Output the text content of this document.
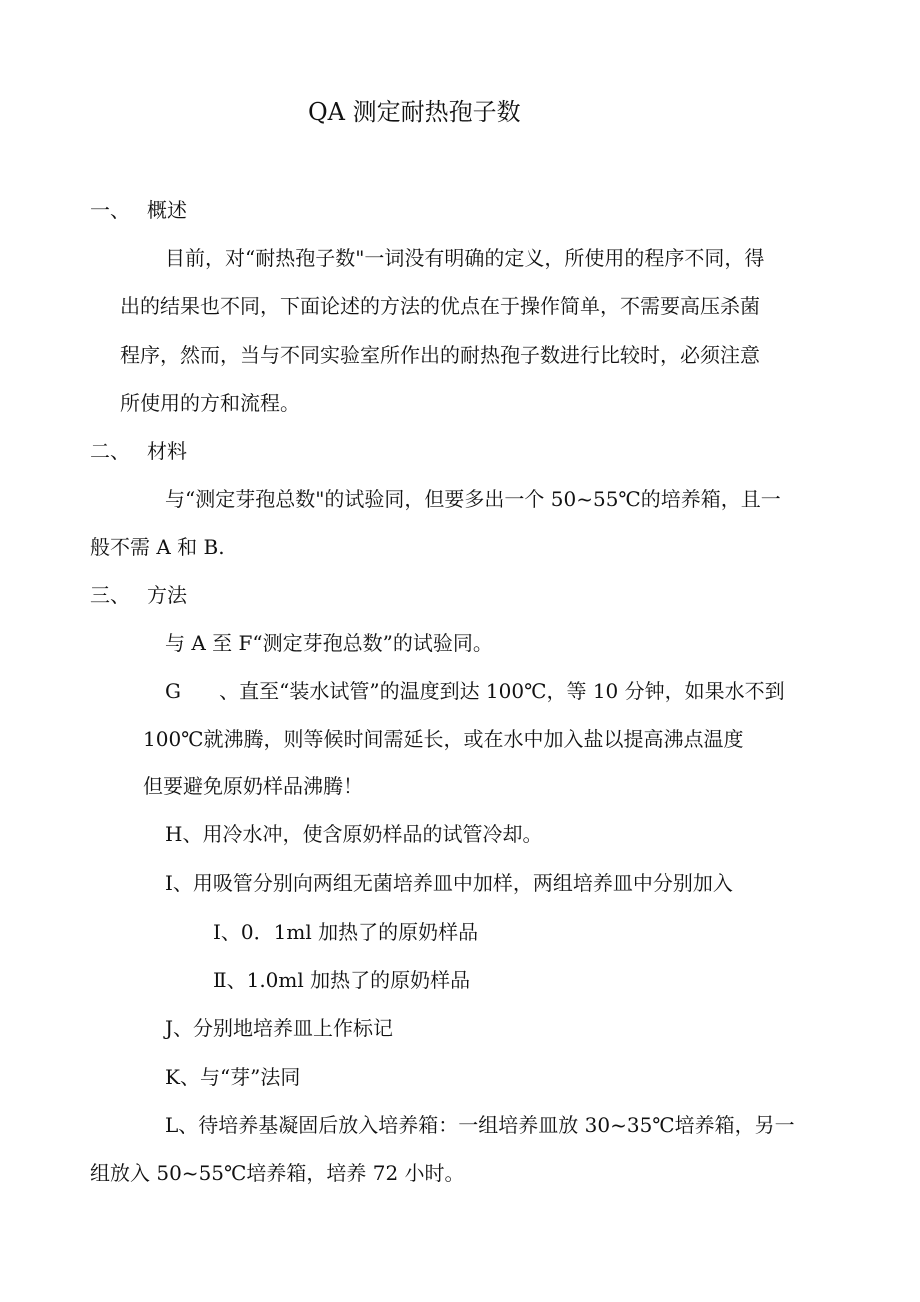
QA 测定耐热孢子数
一、 概述
目前，对“耐热孢子数"一词没有明确的定义，所使用的程序不同，得
出的结果也不同，下面论述的方法的优点在于操作简单，不需要高压杀菌
程序，然而，当与不同实验室所作出的耐热孢子数进行比较时，必须注意
所使用的方和流程。
二、 材料
与“测定芽孢总数"的试验同，但要多出一个 50~55℃的培养箱，且一
般不需 A 和 B.
三、 方法
与 A 至 F“测定芽孢总数”的试验同。
G      、直至“装水试管”的温度到达 100℃，等 10 分钟，如果水不到
100℃就沸腾，则等候时间需延长，或在水中加入盐以提高沸点温度
但要避免原奶样品沸腾！
H、用冷水冲，使含原奶样品的试管冷却。
I、用吸管分别向两组无菌培养皿中加样，两组培养皿中分别加入
Ⅰ、0．1ml 加热了的原奶样品
Ⅱ、1.0ml 加热了的原奶样品
J、分别地培养皿上作标记
K、与“芽”法同
L、待培养基凝固后放入培养箱：一组培养皿放 30~35℃培养箱，另一
组放入 50~55℃培养箱，培养 72 小时。
